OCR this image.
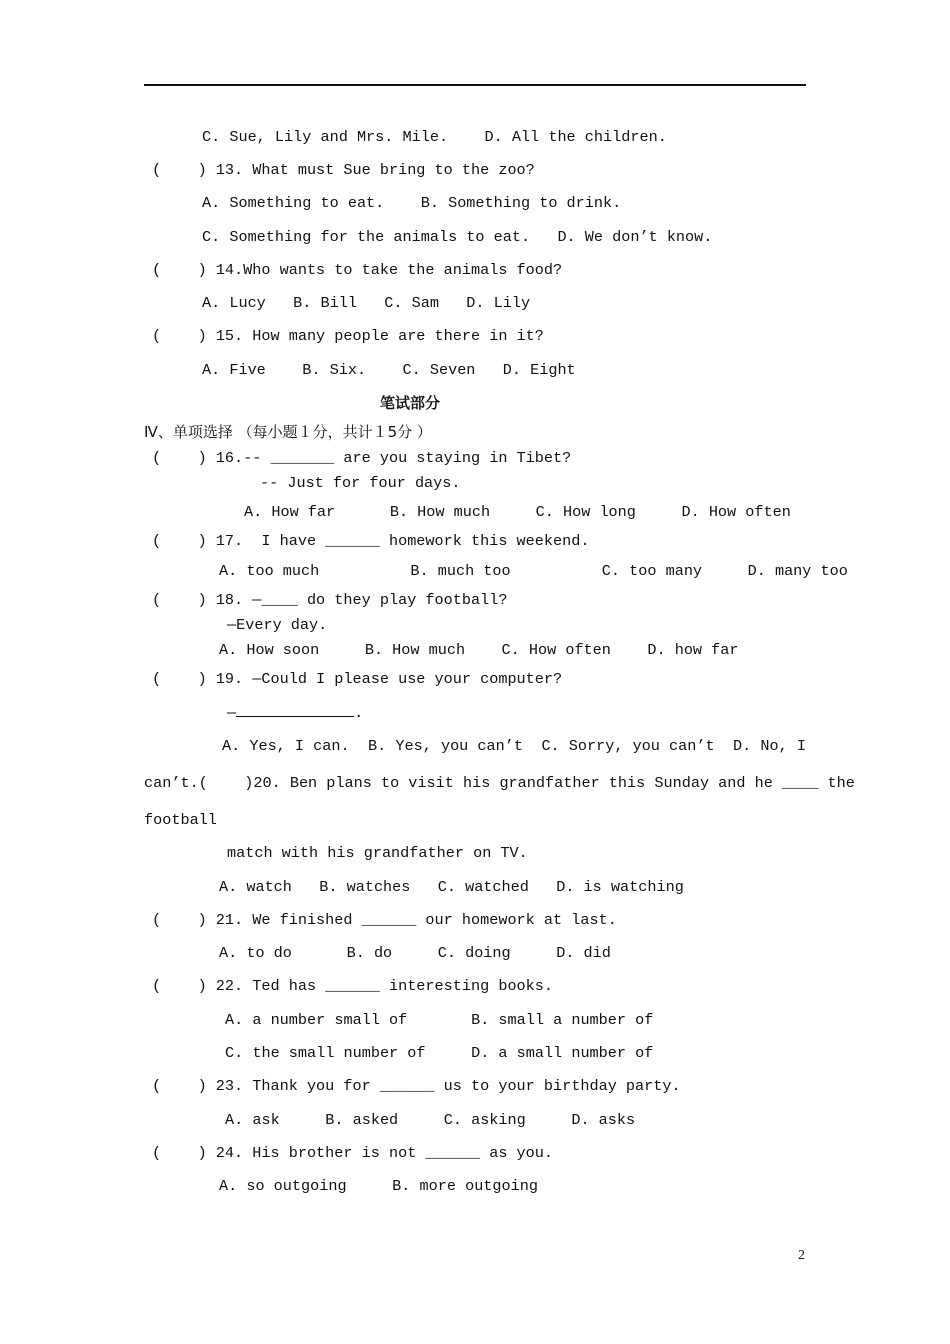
C. Sue, Lily and Mrs. Mile.    D. All the children.
(    ) 13. What must Sue bring to the zoo?
A. Something to eat.    B. Something to drink.
C. Something for the animals to eat.   D. We don’t know.
(    ) 14.Who wants to take the animals food?
A. Lucy   B. Bill   C. Sam   D. Lily
(    ) 15. How many people are there in it?
A. Five    B. Six.    C. Seven   D. Eight
笔试部分
Ⅳ、单项选择 （每小题１分，共计１5分 ）
(    ) 16.-- _______ are you staying in Tibet?
-- Just for four days.
A. How far      B. How much     C. How long     D. How often
(    ) 17.  I have ______ homework this weekend.
A. too much          B. much too          C. too many     D. many too
(    ) 18. —____ do they play football?
—Every day.
A. How soon     B. How much    C. How often    D. how far
(    ) 19. —Could I please use your computer?
—	.
A. Yes, I can. B. Yes, you can’t C. Sorry, you can’t D. No, I
can’t.(    )20. Ben plans to visit his grandfather this Sunday and he ____ the
football
match with his grandfather on TV.
A. watch   B. watches   C. watched   D. is watching
(    ) 21. We finished ______ our homework at last.
A. to do      B. do     C. doing     D. did
(    ) 22. Ted has ______ interesting books.
A. a number small of       B. small a number of
C. the small number of     D. a small number of
(    ) 23. Thank you for ______ us to your birthday party.
A. ask     B. asked     C. asking     D. asks
(    ) 24. His brother is not ______ as you.
A. so outgoing     B. more outgoing
2
